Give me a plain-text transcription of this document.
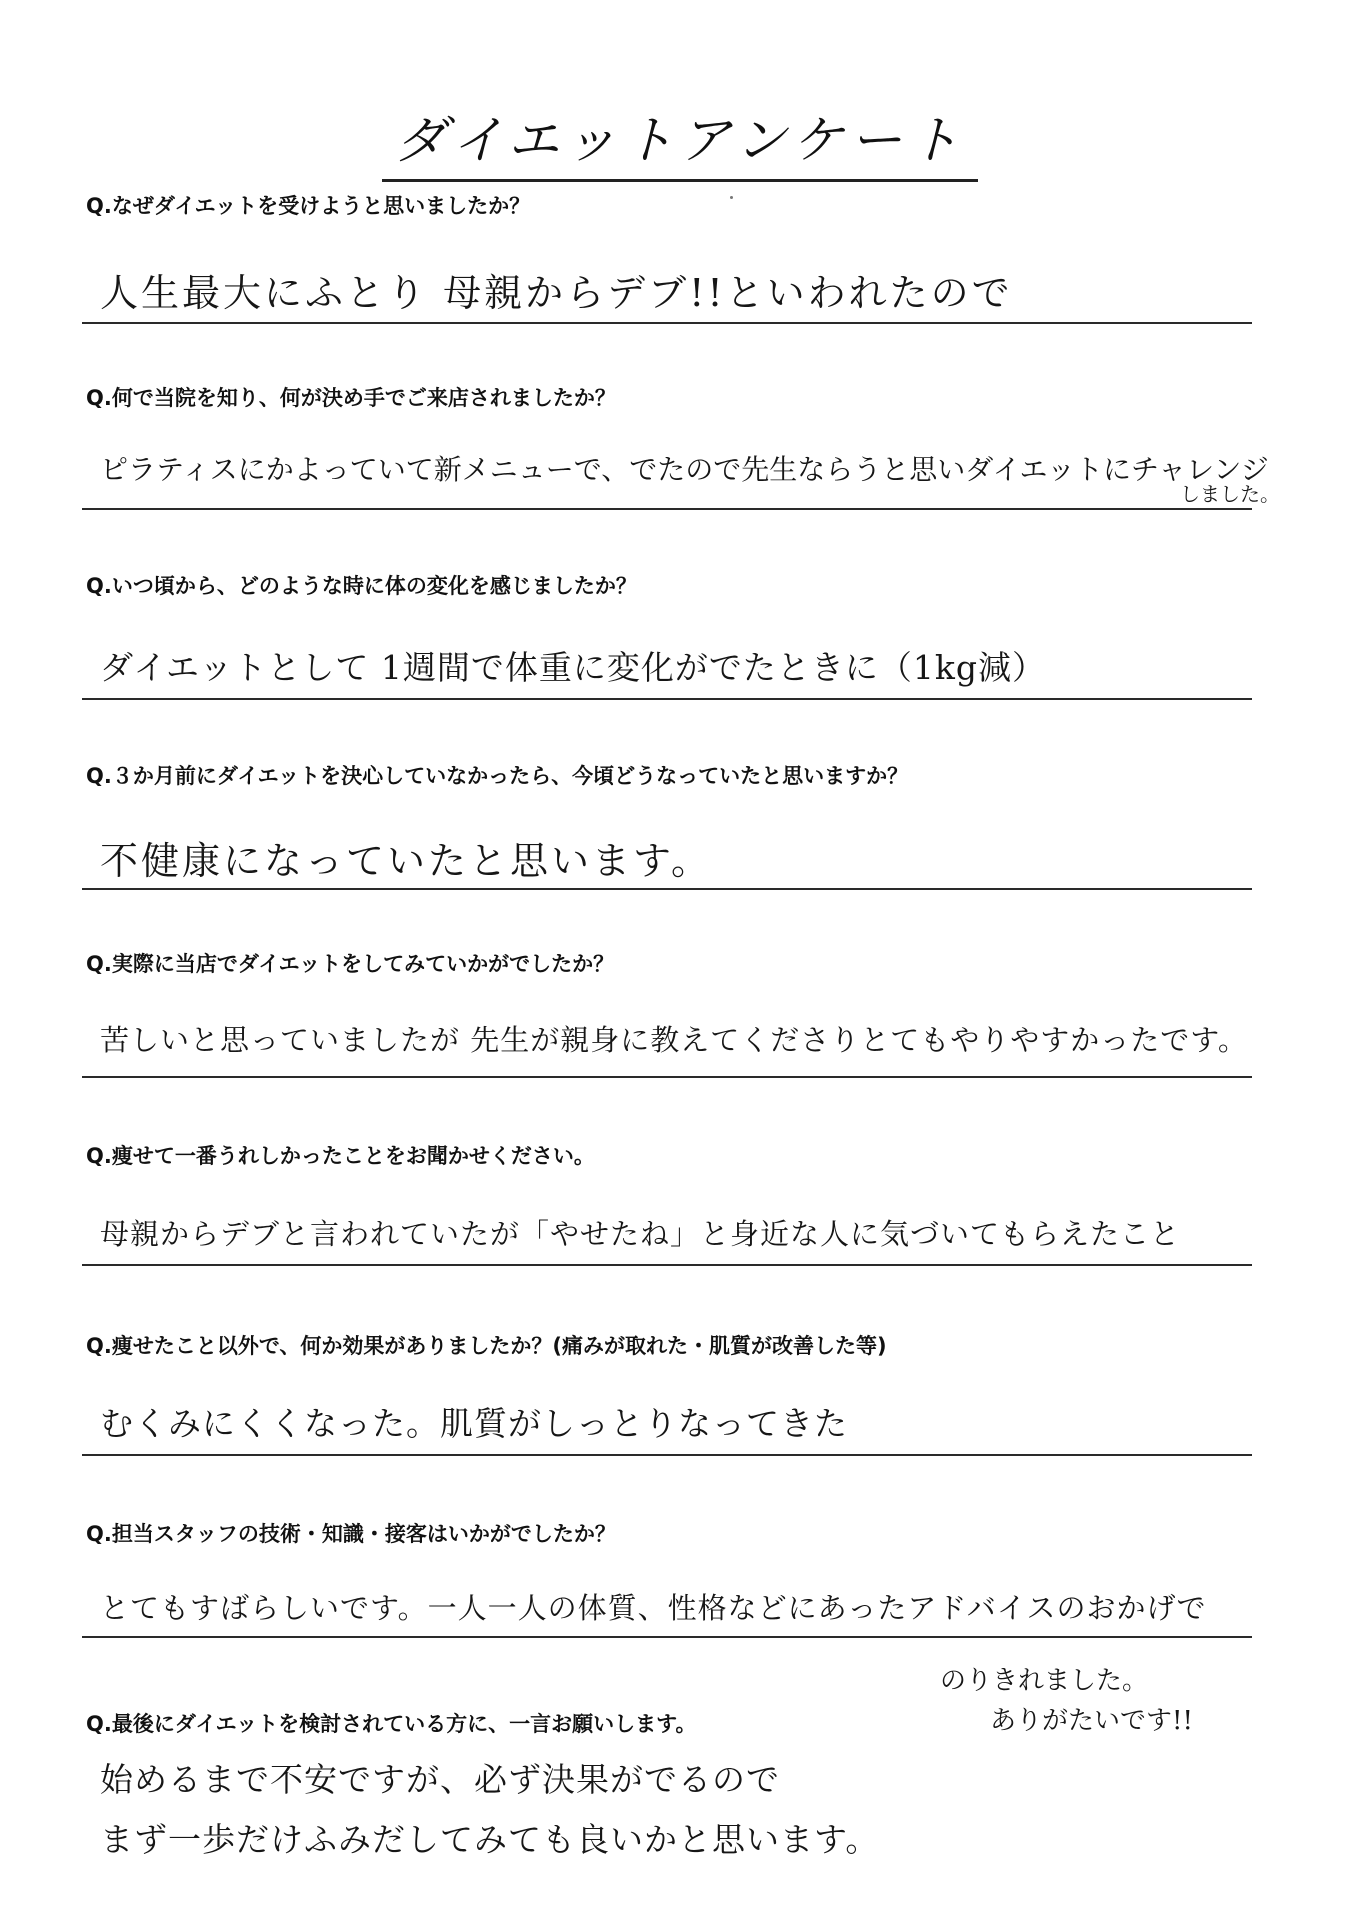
ダイエットアンケート
Q.なぜダイエットを受けようと思いましたか？
人生最大にふとり 母親からデブ!!といわれたので
Q.何で当院を知り、何が決め手でご来店されましたか？
ピラティスにかよっていて新メニューで、でたので先生ならうと思いダイエットにチャレンジ
しました。
Q.いつ頃から、どのような時に体の変化を感じましたか？
ダイエットとして 1週間で体重に変化がでたときに（1kg減）
Q.３か月前にダイエットを決心していなかったら、今頃どうなっていたと思いますか？
不健康になっていたと思います。
Q.実際に当店でダイエットをしてみていかがでしたか？
苦しいと思っていましたが 先生が親身に教えてくださりとてもやりやすかったです。
Q.痩せて一番うれしかったことをお聞かせください。
母親からデブと言われていたが「やせたね」と身近な人に気づいてもらえたこと
Q.痩せたこと以外で、何か効果がありましたか？(痛みが取れた・肌質が改善した等)
むくみにくくなった。肌質がしっとりなってきた
Q.担当スタッフの技術・知識・接客はいかがでしたか？
とてもすばらしいです。一人一人の体質、性格などにあったアドバイスのおかげで
のりきれました。
ありがたいです!!
Q.最後にダイエットを検討されている方に、一言お願いします。
始めるまで不安ですが、必ず決果がでるので
まず一歩だけふみだしてみても良いかと思います。
